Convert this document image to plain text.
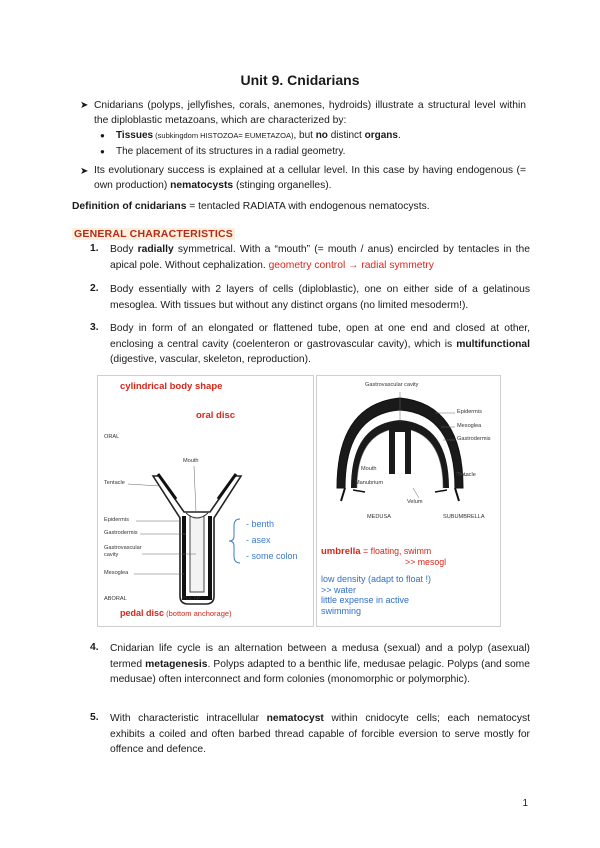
Unit 9. Cnidarians
➤ Cnidarians (polyps, jellyfishes, corals, anemones, hydroids) illustrate a structural level within the diploblastic metazoans, which are characterized by:
● Tissues (subkingdom HISTOZOA= EUMETAZOA), but no distinct organs.
● The placement of its structures in a radial geometry.
➤ Its evolutionary success is explained at a cellular level. In this case by having endogenous (= own production) nematocysts (stinging organelles).
Definition of cnidarians = tentacled RADIATA with endogenous nematocysts.
GENERAL CHARACTERISTICS
1. Body radially symmetrical. With a “mouth” (= mouth / anus) encircled by tentacles in the apical pole. Without cephalization. geometry control → radial symmetry
2. Body essentially with 2 layers of cells (diploblastic), one on either side of a gelatinous mesoglea. With tissues but without any distinct organs (no limited mesoderm!).
3. Body in form of an elongated or flattened tube, open at one end and closed at other, enclosing a central cavity (coelenteron or gastrovascular cavity), which is multifunctional (digestive, vascular, skeleton, reproduction).
cylindrical body shape
oral disc
ORAL
Mouth
Tentacle
Epidermis
Gastrodermis
Gastrovascular
cavity
Mesoglea
ABORAL	POLYP
- benth
- asex
- some colon
pedal disc (bottom anchorage)
Gastrovascular cavity
Epidermis
Mesoglea
Gastrodermis
Tentacle
Mouth
Manubrium
Velum
MEDUSA	SUBUMBRELLA
umbrella = floating, swimm
>> mesogl
low density (adapt to float !)
>> water
little expense in active
swimming
4. Cnidarian life cycle is an alternation between a medusa (sexual) and a polyp (asexual) termed metagenesis. Polyps adapted to a benthic life, medusae pelagic. Polyps (and some medusae) often interconnect and form colonies (monomorphic or polymorphic).
5. With characteristic intracellular nematocyst within cnidocyte cells; each nematocyst exhibits a coiled and often barbed thread capable of forcible eversion to serve mostly for offence and defence.
1
